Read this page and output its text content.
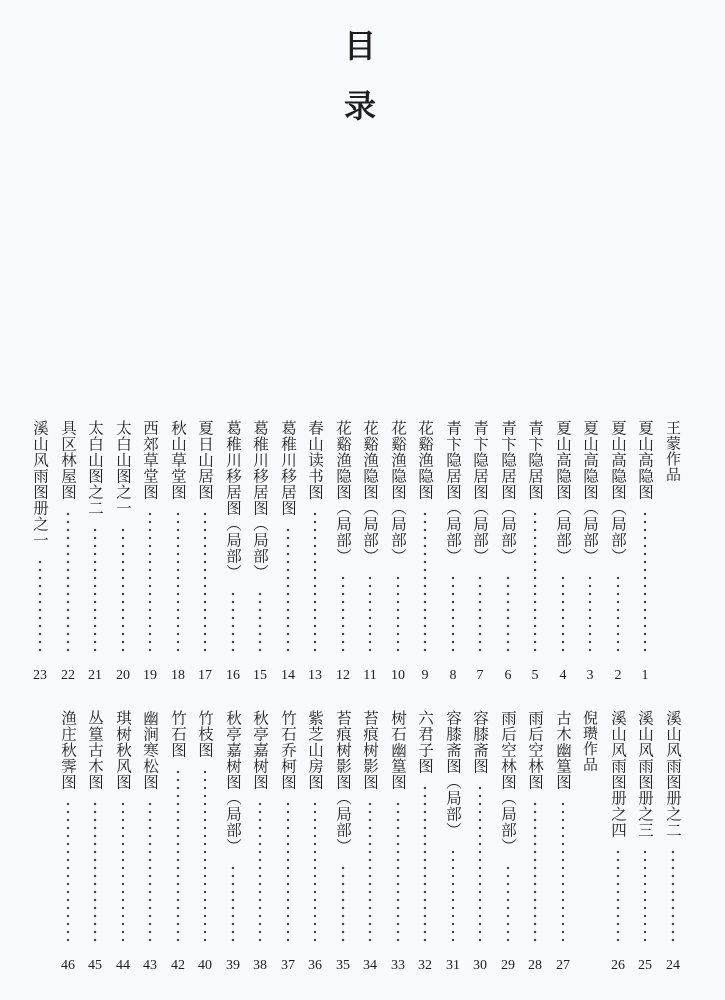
目
录
王蒙作品
夏山高隐图
1
夏山高隐图（局部）
2
夏山高隐图（局部）
3
夏山高隐图（局部）
4
青卞隐居图
5
青卞隐居图（局部）
6
青卞隐居图（局部）
7
青卞隐居图（局部）
8
花谿渔隐图
9
花谿渔隐图（局部）
10
花谿渔隐图（局部）
11
花谿渔隐图（局部）
12
春山读书图
13
葛稚川移居图
14
葛稚川移居图（局部）
15
葛稚川移居图（局部）
16
夏日山居图
17
秋山草堂图
18
西郊草堂图
19
太白山图之一
20
太白山图之二
21
具区林屋图
22
溪山风雨图册之一
23
溪山风雨图册之二
24
溪山风雨图册之三
25
溪山风雨图册之四
26
倪瓒作品
古木幽篁图
27
雨后空林图
28
雨后空林图（局部）
29
容膝斋图
30
容膝斋图（局部）
31
六君子图
32
树石幽篁图
33
苔痕树影图
34
苔痕树影图（局部）
35
紫芝山房图
36
竹石乔柯图
37
秋亭嘉树图
38
秋亭嘉树图（局部）
39
竹枝图
40
竹石图
42
幽涧寒松图
43
琪树秋风图
44
丛篁古木图
45
渔庄秋霁图
46
